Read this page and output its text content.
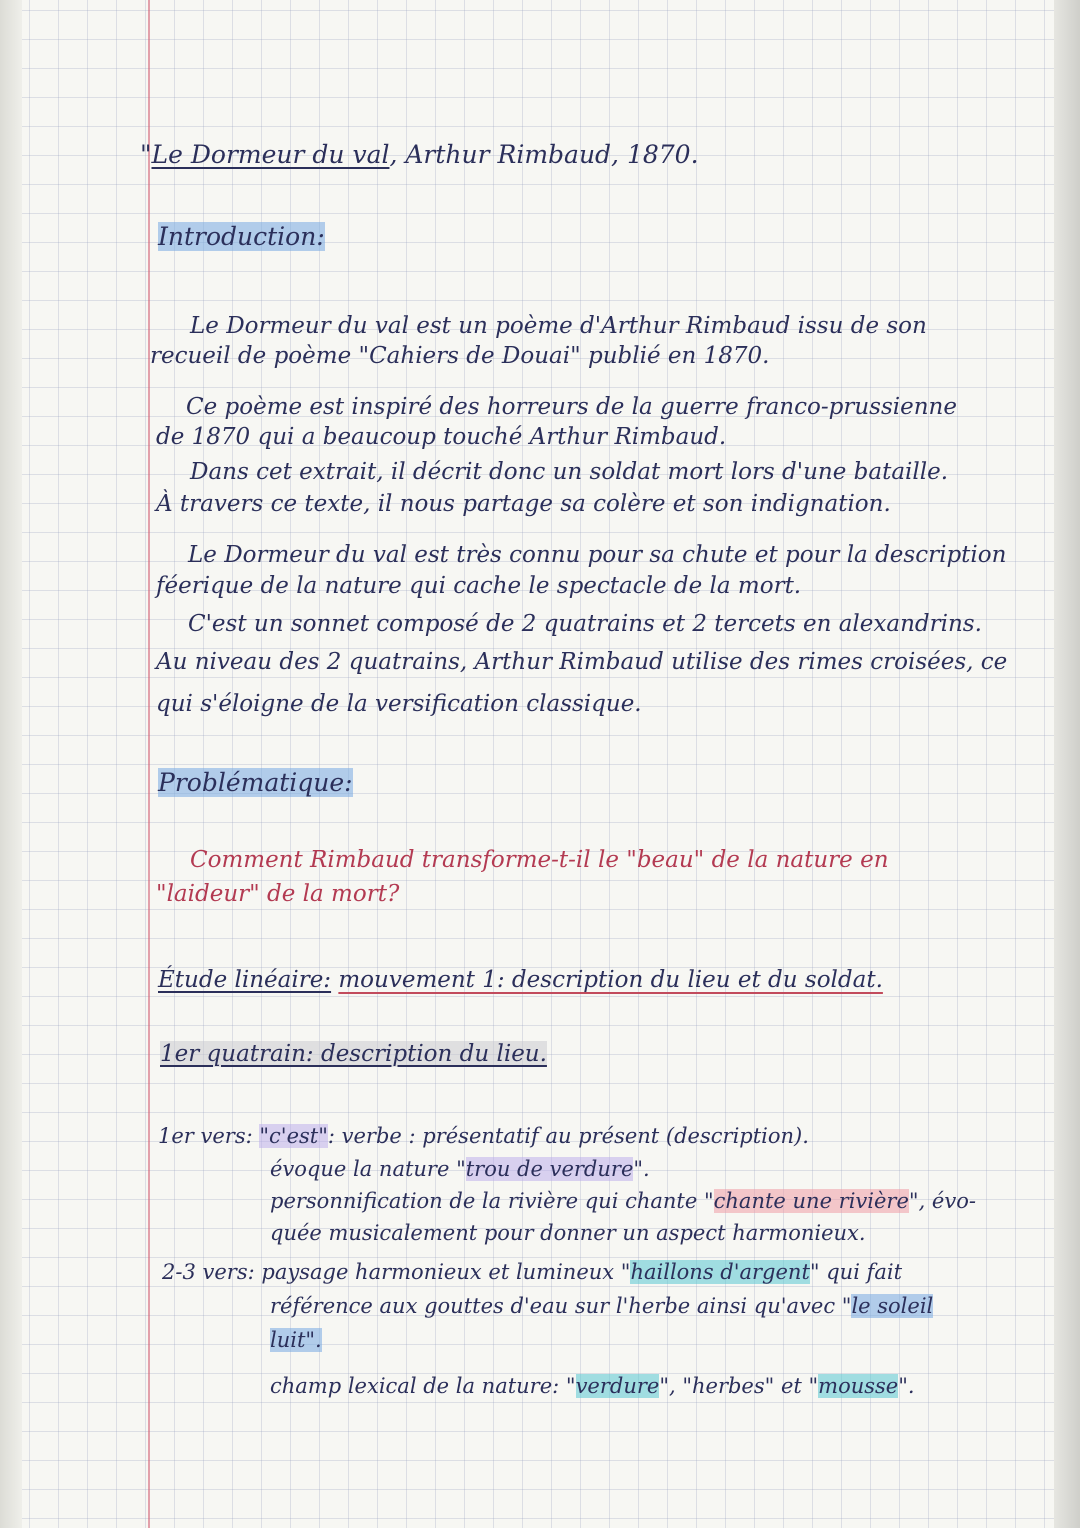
"Le Dormeur du val, Arthur Rimbaud, 1870.

Introduction:

Le Dormeur du val est un poème d'Arthur Rimbaud issu de son

recueil de poème "Cahiers de Douai" publié en 1870.

Ce poème est inspiré des horreurs de la guerre franco-prussienne

de 1870 qui a beaucoup touché Arthur Rimbaud.

Dans cet extrait, il décrit donc un soldat mort lors d'une bataille.

À travers ce texte, il nous partage sa colère et son indignation.

Le Dormeur du val est très connu pour sa chute et pour la description

féerique de la nature qui cache le spectacle de la mort.

C'est un sonnet composé de 2 quatrains et 2 tercets en alexandrins.

Au niveau des 2 quatrains, Arthur Rimbaud utilise des rimes croisées, ce

qui s'éloigne de la versification classique.

Problématique:

Comment Rimbaud transforme-t-il le "beau" de la nature en

"laideur" de la mort?

Étude linéaire: mouvement 1: description du lieu et du soldat.

1er quatrain: description du lieu.

1er vers: "c'est": verbe : présentatif au présent (description).

évoque la nature "trou de verdure".

personnification de la rivière qui chante "chante une rivière", évo-

quée musicalement pour donner un aspect harmonieux.

2-3 vers: paysage harmonieux et lumineux "haillons d'argent" qui fait

référence aux gouttes d'eau sur l'herbe ainsi qu'avec "le soleil

luit".

champ lexical de la nature: "verdure", "herbes" et "mousse".
